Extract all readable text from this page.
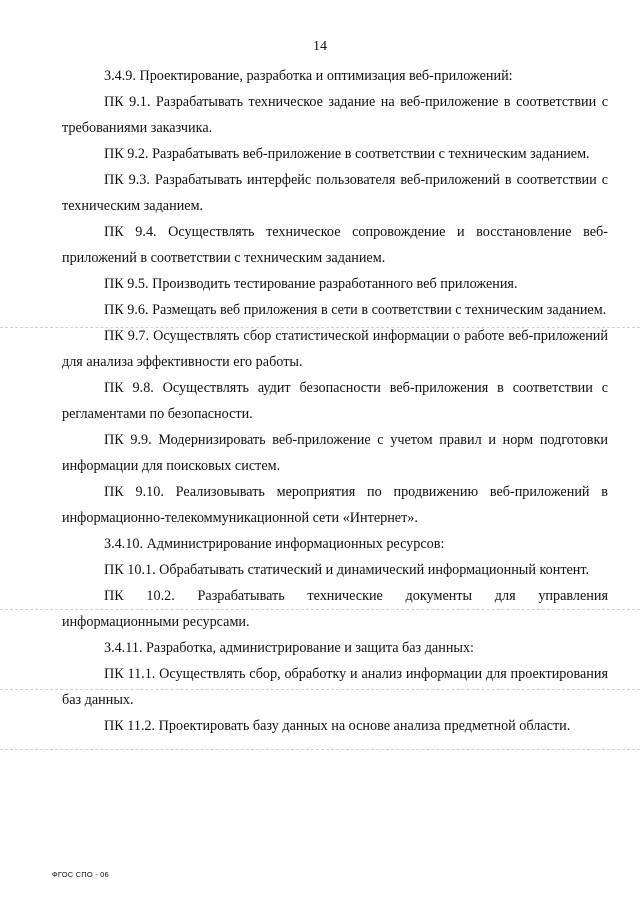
14

3.4.9. Проектирование, разработка и оптимизация веб-приложений:

ПК 9.1. Разрабатывать техническое задание на веб-приложение в соответствии с требованиями заказчика.

ПК 9.2. Разрабатывать веб-приложение в соответствии с техническим заданием.

ПК 9.3. Разрабатывать интерфейс пользователя веб-приложений в соответствии с техническим заданием.

ПК 9.4. Осуществлять техническое сопровождение и восстановление веб-приложений в соответствии с техническим заданием.

ПК 9.5. Производить тестирование разработанного веб приложения.

ПК 9.6. Размещать веб приложения в сети в соответствии с техническим заданием.

ПК 9.7. Осуществлять сбор статистической информации о работе веб-приложений для анализа эффективности его работы.

ПК 9.8. Осуществлять аудит безопасности веб-приложения в соответствии с регламентами по безопасности.

ПК 9.9. Модернизировать веб-приложение с учетом правил и норм подготовки информации для поисковых систем.

ПК 9.10. Реализовывать мероприятия по продвижению веб-приложений в информационно-телекоммуникационной сети «Интернет».

3.4.10. Администрирование информационных ресурсов:

ПК 10.1. Обрабатывать статический и динамический информационный контент.

ПК 10.2. Разрабатывать технические документы для управления информационными ресурсами.

3.4.11. Разработка, администрирование и защита баз данных:

ПК 11.1. Осуществлять сбор, обработку и анализ информации для проектирования баз данных.

ПК 11.2. Проектировать базу данных на основе анализа предметной области.

ФГОС СПО - 06
